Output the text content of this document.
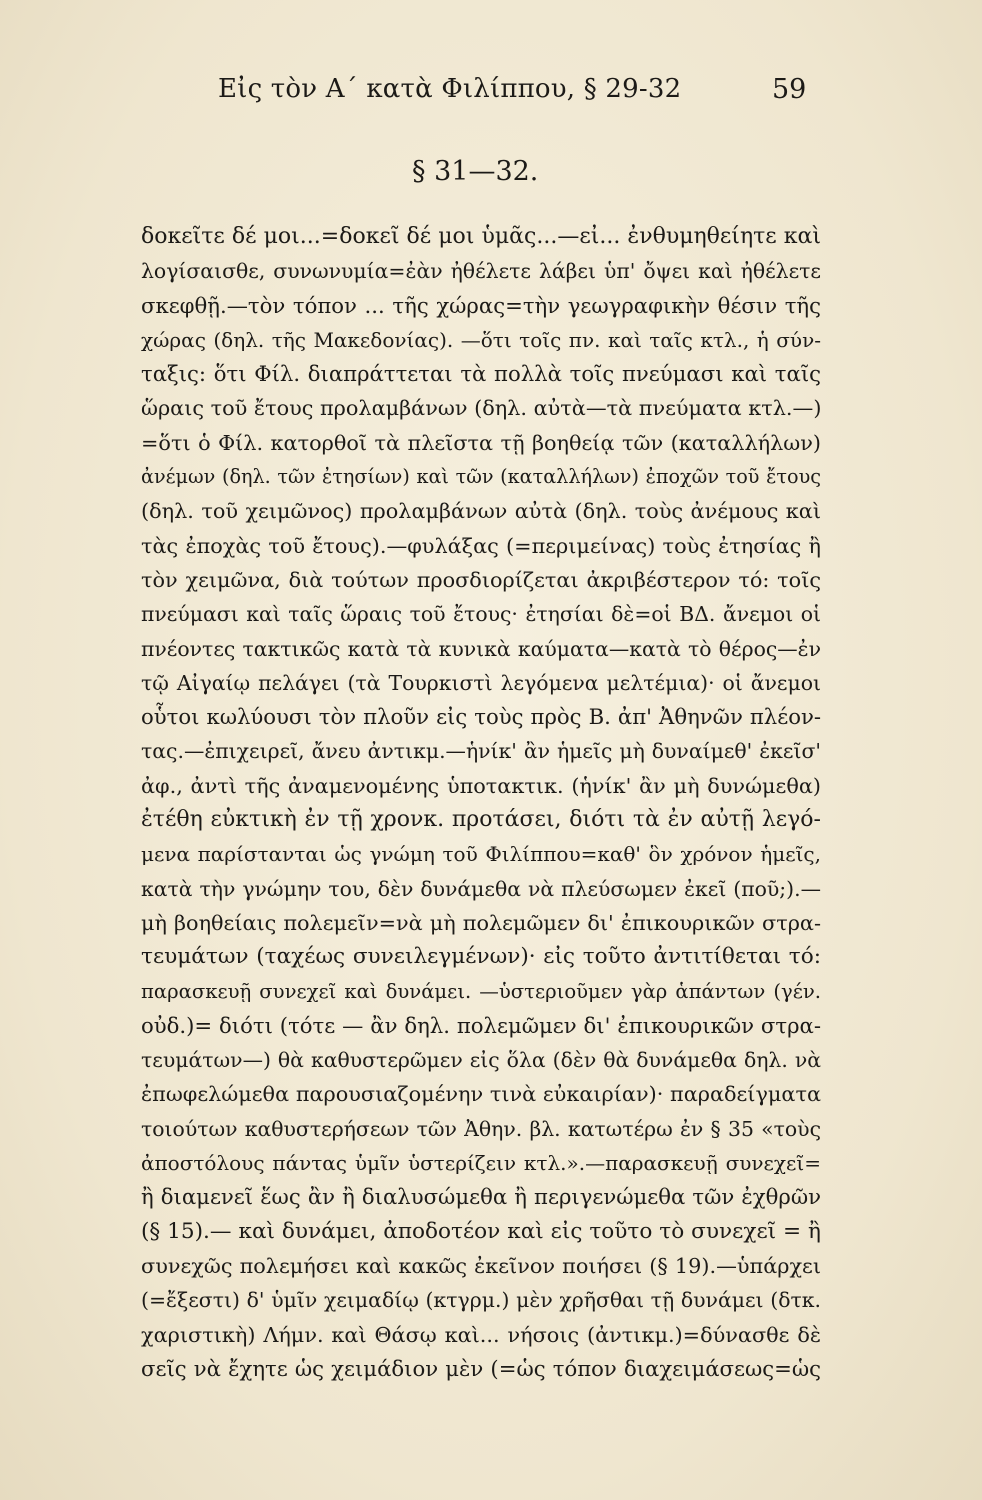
Εἰς τὸν Α΄ κατὰ Φιλίππου, § 29-32	59
§ 31—32.
δοκεῖτε δέ μοι...=δοκεῖ δέ μοι ὑμᾶς...—εἰ... ἐνθυμηθείητε καὶ
λογίσαισθε, συνωνυμία=ἐὰν ἠθέλετε λάβει ὑπ' ὄψει καὶ ἠθέλετε
σκεφθῇ.—τὸν τόπον ... τῆς χώρας=τὴν γεωγραφικὴν θέσιν τῆς
χώρας (δηλ. τῆς Μακεδονίας). —ὅτι τοῖς πν. καὶ ταῖς κτλ., ἡ σύν-
ταξις: ὅτι Φίλ. διαπράττεται τὰ πολλὰ τοῖς πνεύμασι καὶ ταῖς
ὥραις τοῦ ἔτους προλαμβάνων (δηλ. αὐτὰ—τὰ πνεύματα κτλ.—)
=ὅτι ὁ Φίλ. κατορθοῖ τὰ πλεῖστα τῇ βοηθείᾳ τῶν (καταλλήλων)
ἀνέμων (δηλ. τῶν ἐτησίων) καὶ τῶν (καταλλήλων) ἐποχῶν τοῦ ἔτους
(δηλ. τοῦ χειμῶνος) προλαμβάνων αὐτὰ (δηλ. τοὺς ἀνέμους καὶ
τὰς ἐποχὰς τοῦ ἔτους).—φυλάξας (=περιμείνας) τοὺς ἐτησίας ἢ
τὸν χειμῶνα, διὰ τούτων προσδιορίζεται ἀκριβέστερον τό: τοῖς
πνεύμασι καὶ ταῖς ὥραις τοῦ ἔτους· ἐτησίαι δὲ=οἱ ΒΔ. ἄνεμοι οἱ
πνέοντες τακτικῶς κατὰ τὰ κυνικὰ καύματα—κατὰ τὸ θέρος—ἐν
τῷ Αἰγαίῳ πελάγει (τὰ Τουρκιστὶ λεγόμενα μελτέμια)· οἱ ἄνεμοι
οὗτοι κωλύουσι τὸν πλοῦν εἰς τοὺς πρὸς Β. ἀπ' Ἀθηνῶν πλέον-
τας.—ἐπιχειρεῖ, ἄνευ ἀντικμ.—ἡνίκ' ἂν ἡμεῖς μὴ δυναίμεθ' ἐκεῖσ'
ἀφ., ἀντὶ τῆς ἀναμενομένης ὑποτακτικ. (ἡνίκ' ἂν μὴ δυνώμεθα)
ἐτέθη εὐκτικὴ ἐν τῇ χρονκ. προτάσει, διότι τὰ ἐν αὐτῇ λεγό-
μενα παρίστανται ὡς γνώμη τοῦ Φιλίππου=καθ' ὃν χρόνον ἡμεῖς,
κατὰ τὴν γνώμην του, δὲν δυνάμεθα νὰ πλεύσωμεν ἐκεῖ (ποῦ;).—
μὴ βοηθείαις πολεμεῖν=νὰ μὴ πολεμῶμεν δι' ἐπικουρικῶν στρα-
τευμάτων (ταχέως συνειλεγμένων)· εἰς τοῦτο ἀντιτίθεται τό:
παρασκευῇ συνεχεῖ καὶ δυνάμει. —ὑστεριοῦμεν γὰρ ἁπάντων (γέν.
οὐδ.)= διότι (τότε — ἂν δηλ. πολεμῶμεν δι' ἐπικουρικῶν στρα-
τευμάτων—) θὰ καθυστερῶμεν εἰς ὅλα (δὲν θὰ δυνάμεθα δηλ. νὰ
ἐπωφελώμεθα παρουσιαζομένην τινὰ εὐκαιρίαν)· παραδείγματα
τοιούτων καθυστερήσεων τῶν Ἀθην. βλ. κατωτέρω ἐν § 35 «τοὺς
ἀποστόλους πάντας ὑμῖν ὑστερίζειν κτλ.».—παρασκευῇ συνεχεῖ=
ἢ διαμενεῖ ἕως ἂν ἢ διαλυσώμεθα ἢ περιγενώμεθα τῶν ἐχθρῶν
(§ 15).— καὶ δυνάμει, ἀποδοτέον καὶ εἰς τοῦτο τὸ συνεχεῖ = ἢ
συνεχῶς πολεμήσει καὶ κακῶς ἐκεῖνον ποιήσει (§ 19).—ὑπάρχει
(=ἔξεστι) δ' ὑμῖν χειμαδίῳ (κτγρμ.) μὲν χρῆσθαι τῇ δυνάμει (δτκ.
χαριστικὴ) Λήμν. καὶ Θάσῳ καὶ... νήσοις (ἀντικμ.)=δύνασθε δὲ
σεῖς νὰ ἔχητε ὡς χειμάδιον μὲν (=ὡς τόπον διαχειμάσεως=ὡς
